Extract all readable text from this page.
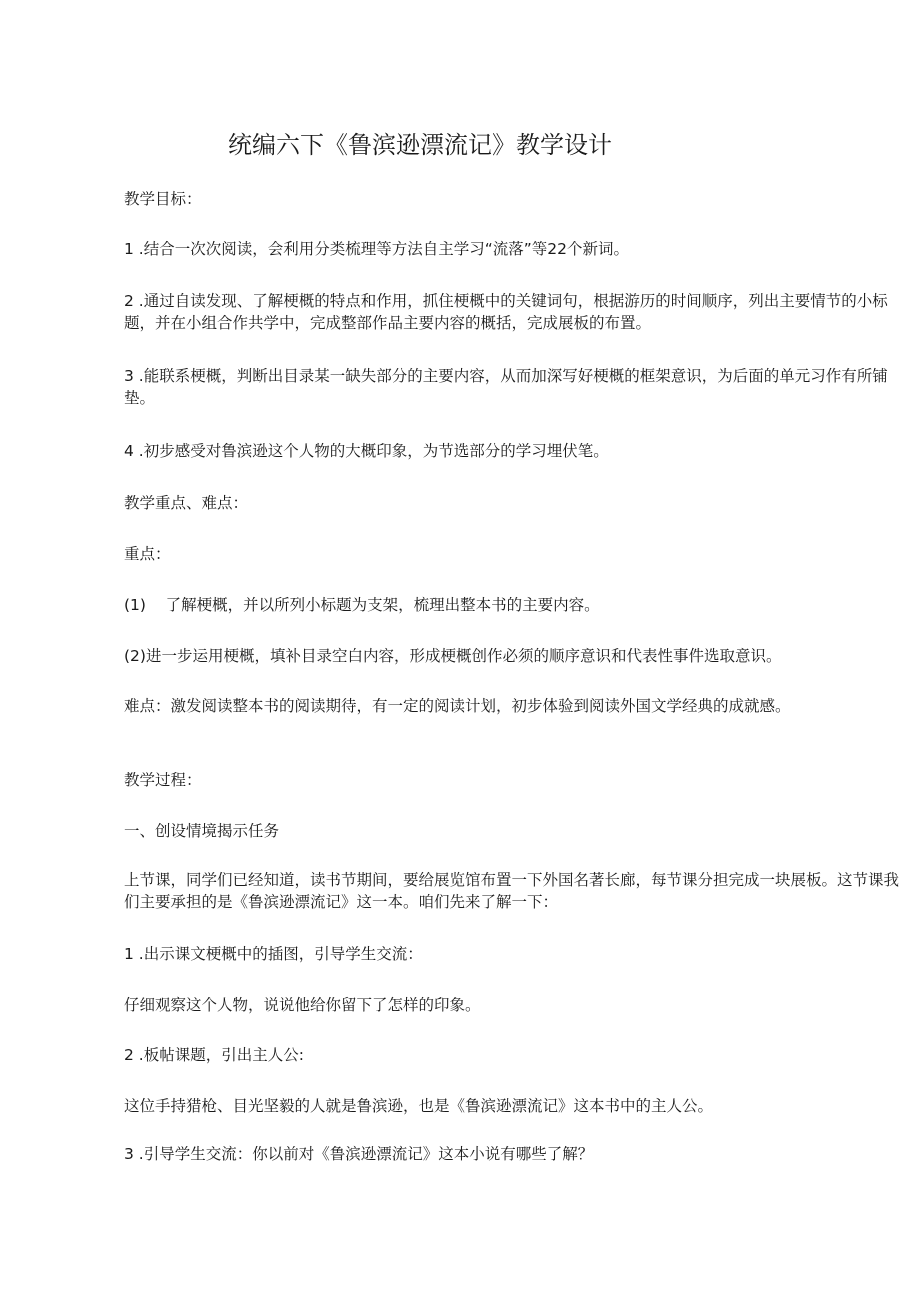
统编六下《鲁滨逊漂流记》教学设计

教学目标：

1 .结合一次次阅读，会利用分类梳理等方法自主学习“流落”等22个新词。

2 .通过自读发现、了解梗概的特点和作用，抓住梗概中的关键词句，根据游历的时间顺序，列出主要情节的小标题，并在小组合作共学中，完成整部作品主要内容的概括，完成展板的布置。

3 .能联系梗概，判断出目录某一缺失部分的主要内容，从而加深写好梗概的框架意识，为后面的单元习作有所铺垫。

4 .初步感受对鲁滨逊这个人物的大概印象，为节选部分的学习埋伏笔。

教学重点、难点：

重点：

(1)    了解梗概，并以所列小标题为支架，梳理出整本书的主要内容。

(2)进一步运用梗概，填补目录空白内容，形成梗概创作必须的顺序意识和代表性事件选取意识。

难点：激发阅读整本书的阅读期待，有一定的阅读计划，初步体验到阅读外国文学经典的成就感。

教学过程：

一、创设情境揭示任务

上节课，同学们已经知道，读书节期间，要给展览馆布置一下外国名著长廊，每节课分担完成一块展板。这节课我们主要承担的是《鲁滨逊漂流记》这一本。咱们先来了解一下：

1 .出示课文梗概中的插图，引导学生交流：

仔细观察这个人物，说说他给你留下了怎样的印象。

2 .板帖课题，引出主人公:

这位手持猎枪、目光坚毅的人就是鲁滨逊，也是《鲁滨逊漂流记》这本书中的主人公。

3 .引导学生交流：你以前对《鲁滨逊漂流记》这本小说有哪些了解？
